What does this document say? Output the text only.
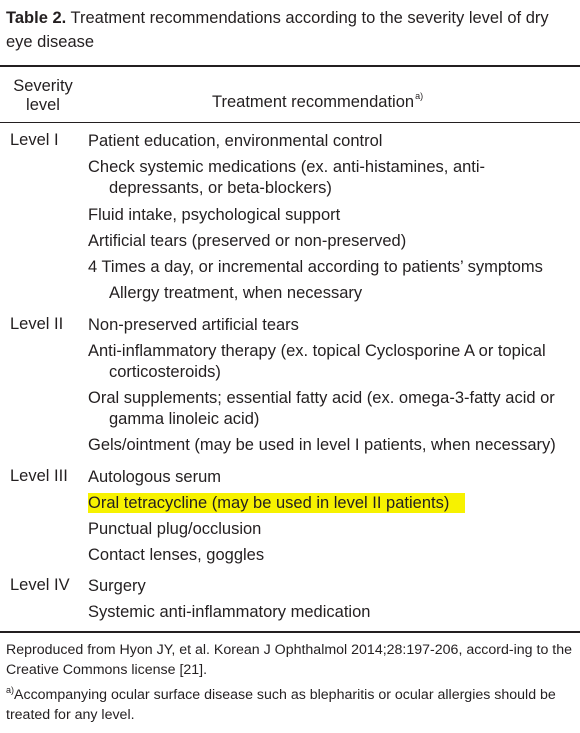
Table 2. Treatment recommendations according to the severity level of dry eye disease
Severity level	Treatment recommendation$^{a)}$
Level I Patient education, environmental control
Check systemic medications (ex. anti-histamines, anti-
depressants, or beta-blockers)
Fluid intake, psychological support
Artificial tears (preserved or non-preserved)
4 Times a day, or incremental according to patients’ symptoms
Allergy treatment, when necessary
Level II Non-preserved artificial tears
Anti-inflammatory therapy (ex. topical Cyclosporine A or topical
corticosteroids)
Oral supplements; essential fatty acid (ex. omega-3-fatty acid or
gamma linoleic acid)
Gels/ointment (may be used in level I patients, when necessary)
Level III Autologous serum
Oral tetracycline (may be used in level II patients)
Punctual plug/occlusion
Contact lenses, goggles
Level IV Surgery
Systemic anti-inflammatory medication
Reproduced from Hyon JY, et al. Korean J Ophthalmol 2014;28:197-206, accord-ing to the Creative Commons license [21].
$^{a)}$Accompanying ocular surface disease such as blepharitis or ocular allergies should be treated for any level.
